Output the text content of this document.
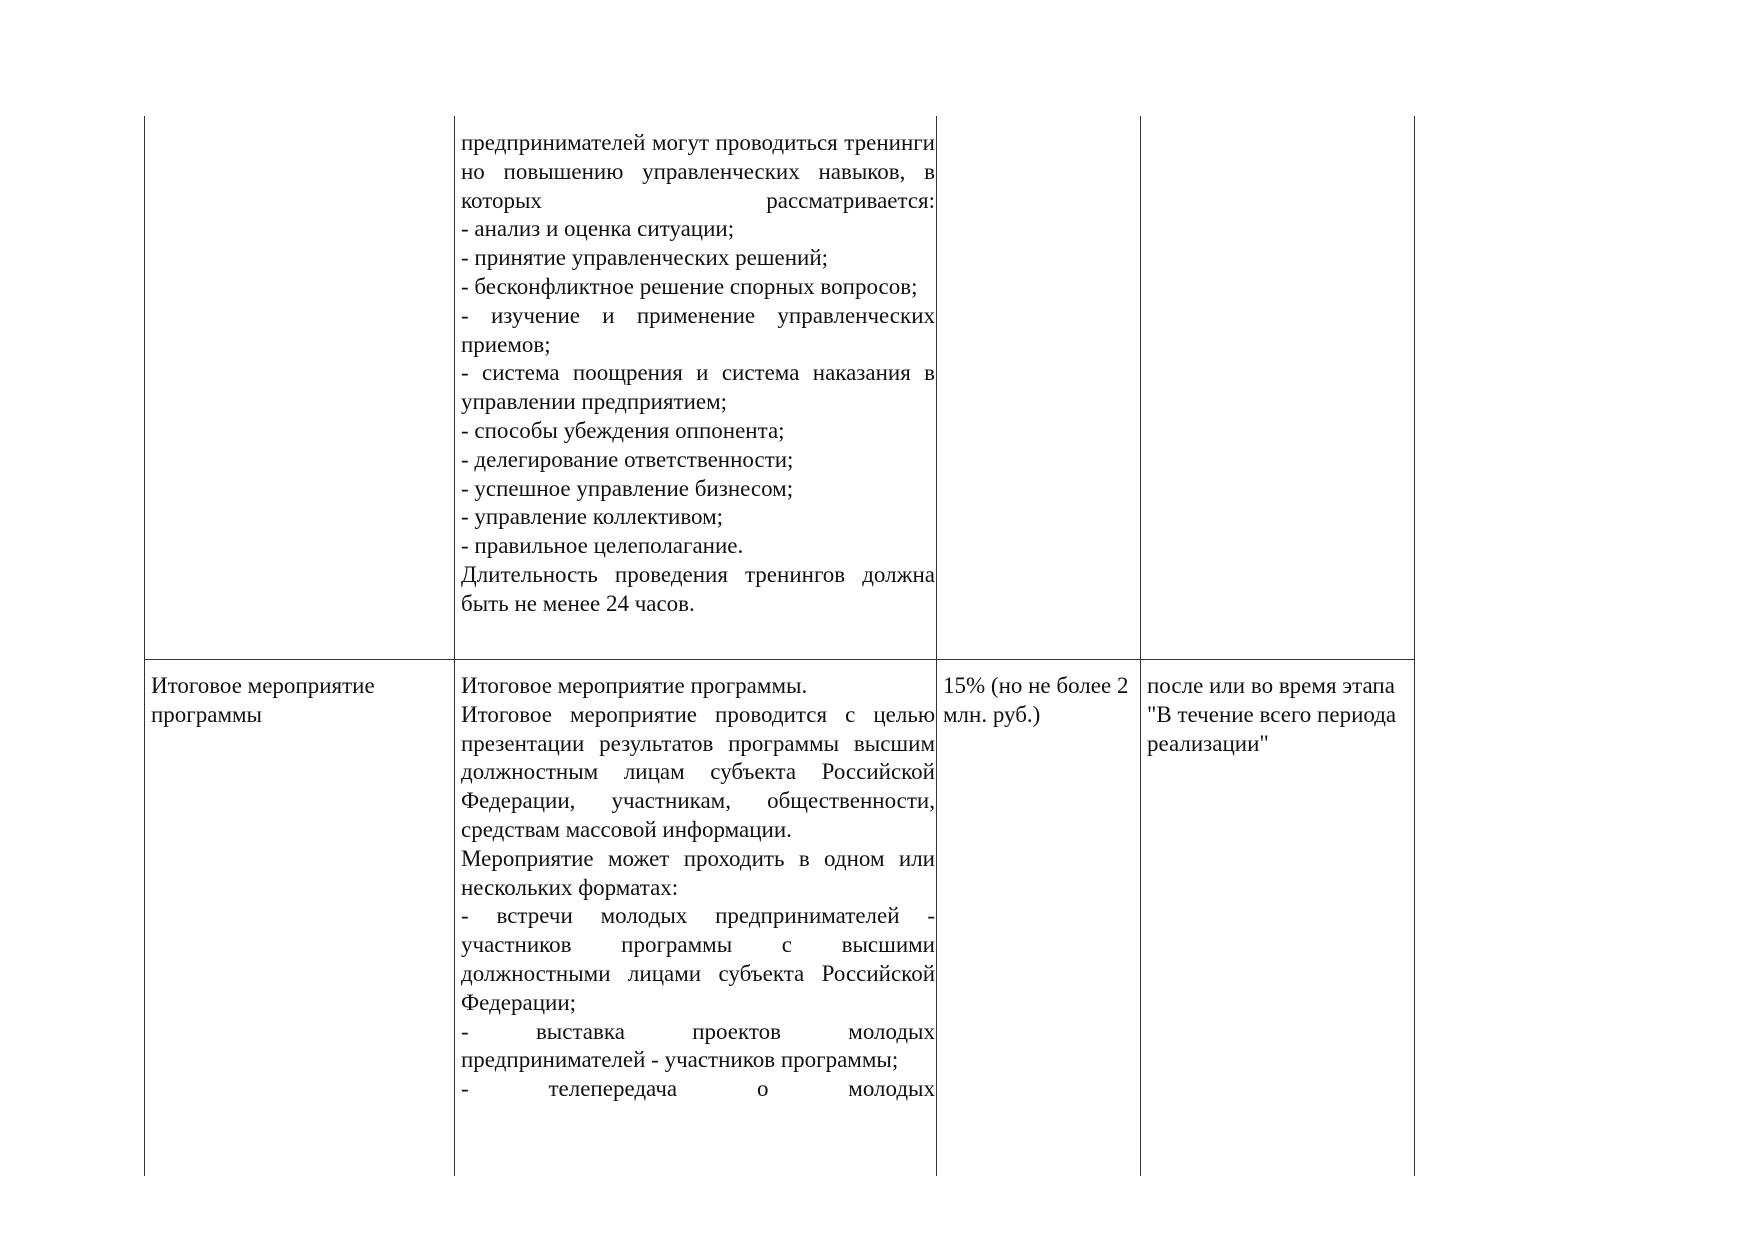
предпринимателей могут проводиться тренинги но повышению управленческих навыков, в которых рассматривается:

- анализ и оценка ситуации;

- принятие управленческих решений;

- бесконфликтное решение спорных вопросов;

- изучение и применение управленческих приемов;

- система поощрения и система наказания в управлении предприятием;

- способы убеждения оппонента;

- делегирование ответственности;

- успешное управление бизнесом;

- управление коллективом;

- правильное целеполагание.

Длительность проведения тренингов должна быть не менее 24 часов.

Итоговое мероприятие программы

Итоговое мероприятие программы.

Итоговое мероприятие проводится с целью презентации результатов программы высшим должностным лицам субъекта Российской Федерации, участникам, общественности, средствам массовой информации.

Мероприятие может проходить в одном или нескольких форматах:

- встречи молодых предпринимателей - участников программы с высшими должностными лицами субъекта Российской Федерации;

- выставка проектов молодых предпринимателей - участников программы;

- телепередача о молодых

15% (но не более 2 млн. руб.)

после или во время этапа "В течение всего периода реализации"
